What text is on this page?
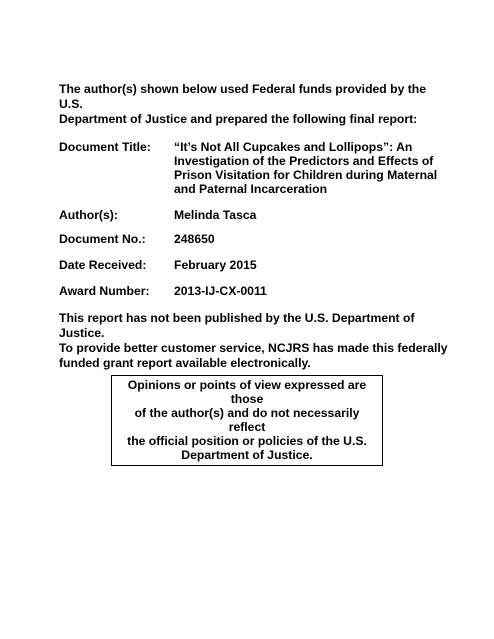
The author(s) shown below used Federal funds provided by the U.S.
Department of Justice and prepared the following final report:
Document Title:	“It’s Not All Cupcakes and Lollipops”: An Investigation of the Predictors and Effects of Prison Visitation for Children during Maternal and Paternal Incarceration
Author(s):	Melinda Tasca
Document No.:	248650
Date Received:	February 2015
Award Number:	2013-IJ-CX-0011
This report has not been published by the U.S. Department of Justice.
To provide better customer service, NCJRS has made this federally
funded grant report available electronically.
Opinions or points of view expressed are those
of the author(s) and do not necessarily reflect
the official position or policies of the U.S.
Department of Justice.
